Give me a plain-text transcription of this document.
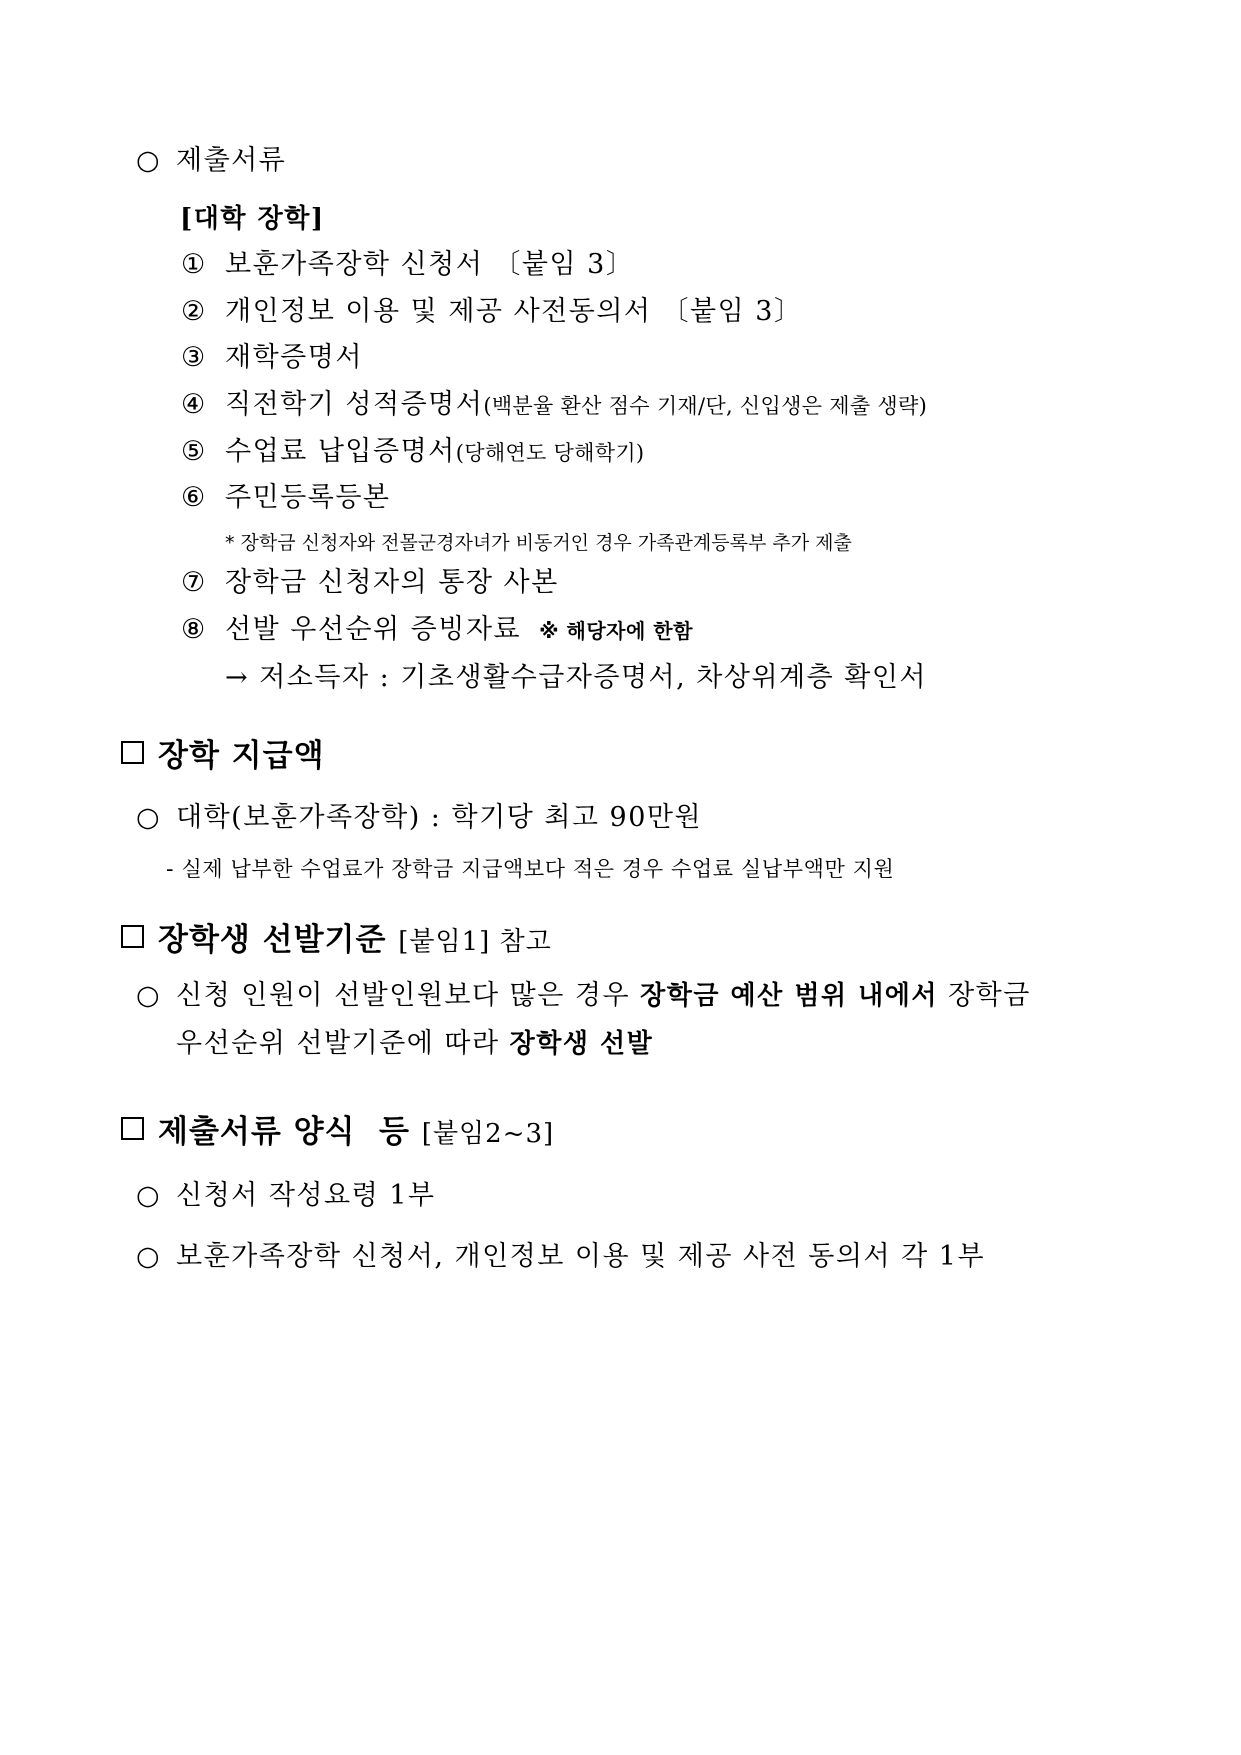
○ 제출서류
[대학 장학]
① 보훈가족장학 신청서 〔붙임 3〕
② 개인정보 이용 및 제공 사전동의서 〔붙임 3〕
③ 재학증명서
④ 직전학기 성적증명서(백분율 환산 점수 기재/단, 신입생은 제출 생략)
⑤ 수업료 납입증명서(당해연도 당해학기)
⑥ 주민등록등본
* 장학금 신청자와 전몰군경자녀가 비동거인 경우 가족관계등록부 추가 제출
⑦ 장학금 신청자의 통장 사본
⑧ 선발 우선순위 증빙자료 ※ 해당자에 한함
→ 저소득자 : 기초생활수급자증명서, 차상위계층 확인서
장학 지급액
○ 대학(보훈가족장학) : 학기당 최고 90만원
- 실제 납부한 수업료가 장학금 지급액보다 적은 경우 수업료 실납부액만 지원
장학생 선발기준 [붙임1] 참고
○ 신청 인원이 선발인원보다 많은 경우 장학금 예산 범위 내에서 장학금
우선순위 선발기준에 따라 장학생 선발
제출서류 양식  등 [붙임2~3]
○ 신청서 작성요령 1부
○ 보훈가족장학 신청서, 개인정보 이용 및 제공 사전 동의서 각 1부
